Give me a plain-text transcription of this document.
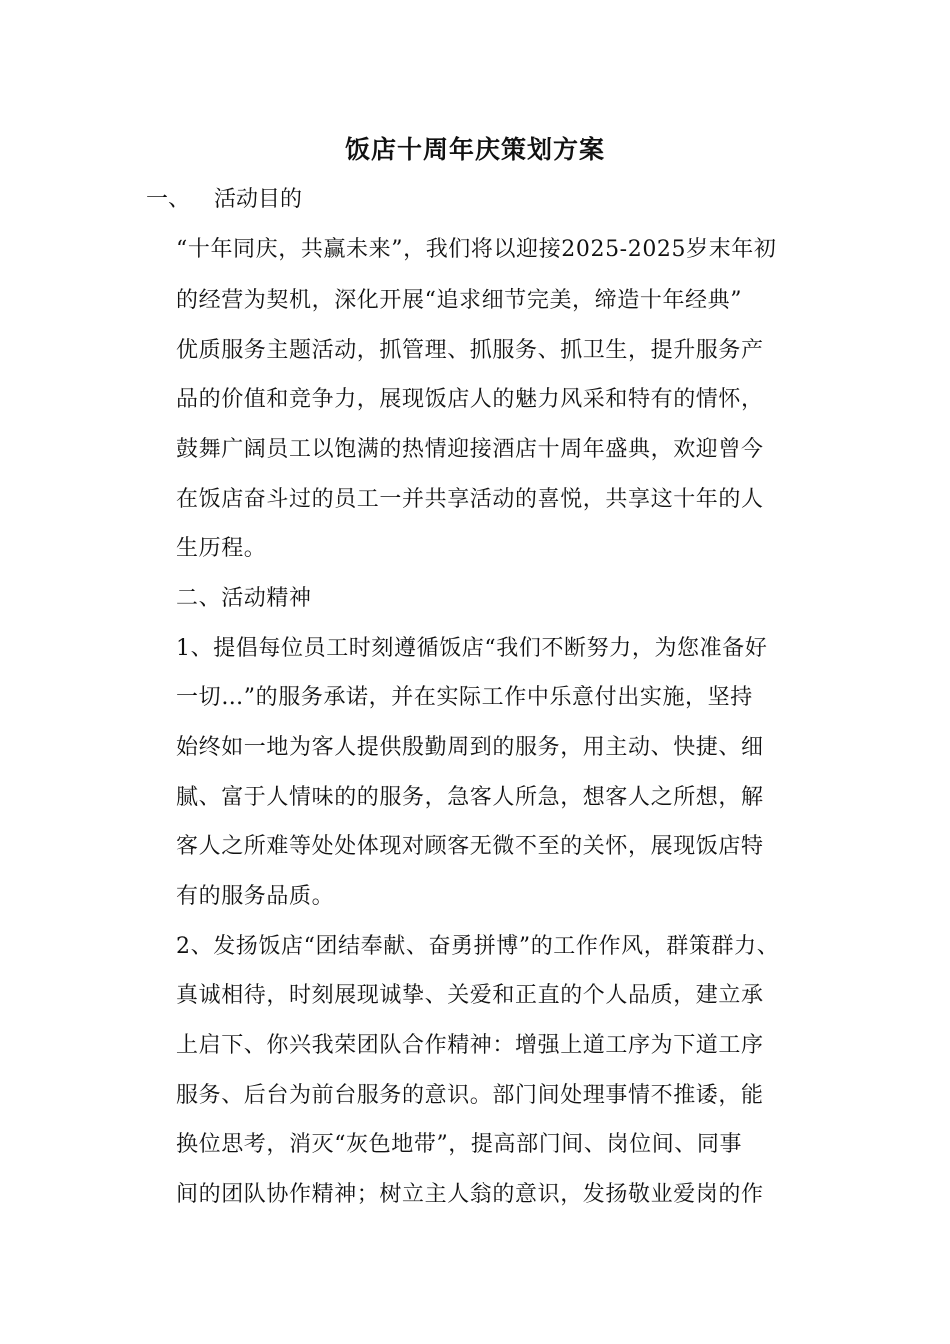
饭店十周年庆策划方案
一、 活动目的
“十年同庆，共赢未来”，我们将以迎接2025-2025岁末年初
的经营为契机，深化开展“追求细节完美，缔造十年经典”
优质服务主题活动，抓管理、抓服务、抓卫生，提升服务产
品的价值和竞争力，展现饭店人的魅力风采和特有的情怀，
鼓舞广阔员工以饱满的热情迎接酒店十周年盛典，欢迎曾今
在饭店奋斗过的员工一并共享活动的喜悦，共享这十年的人
生历程。
二、活动精神
1、提倡每位员工时刻遵循饭店“我们不断努力，为您准备好
一切…”的服务承诺，并在实际工作中乐意付出实施，坚持
始终如一地为客人提供殷勤周到的服务，用主动、快捷、细
腻、富于人情味的的服务，急客人所急，想客人之所想，解
客人之所难等处处体现对顾客无微不至的关怀，展现饭店特
有的服务品质。
2、发扬饭店“团结奉献、奋勇拼博”的工作作风，群策群力、
真诚相待，时刻展现诚挚、关爱和正直的个人品质，建立承
上启下、你兴我荣团队合作精神：增强上道工序为下道工序
服务、后台为前台服务的意识。部门间处理事情不推诿，能
换位思考，消灭“灰色地带”，提高部门间、岗位间、同事
间的团队协作精神；树立主人翁的意识，发扬敬业爱岗的作
